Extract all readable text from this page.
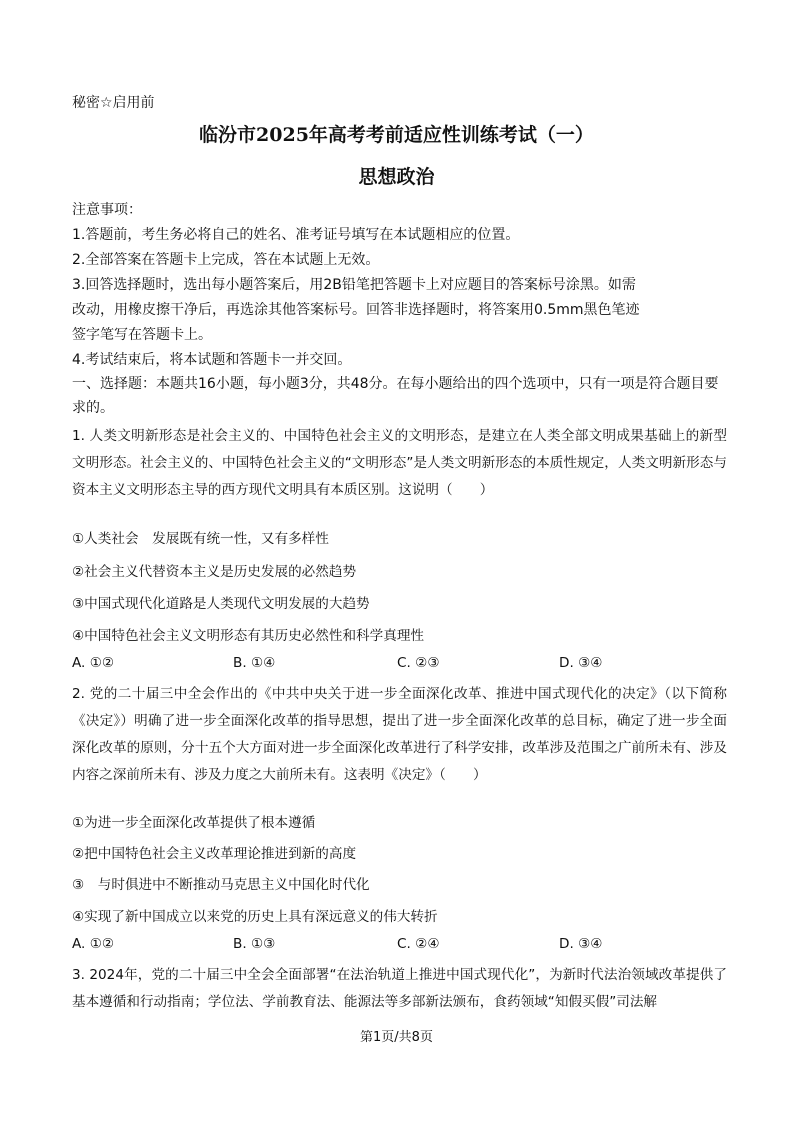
秘密☆启用前
临汾市2025年高考考前适应性训练考试（一）
思想政治
注意事项：
1.答题前，考生务必将自己的姓名、准考证号填写在本试题相应的位置。
2.全部答案在答题卡上完成，答在本试题上无效。
3.回答选择题时，选出每小题答案后，用2B铅笔把答题卡上对应题目的答案标号涂黑。如需
改动，用橡皮擦干净后，再选涂其他答案标号。回答非选择题时，将答案用0.5mm黑色笔迹
签字笔写在答题卡上。
4.考试结束后，将本试题和答题卡一并交回。
一、选择题：本题共16小题，每小题3分，共48分。在每小题给出的四个选项中，只有一项是符合题目要求的。
1. 人类文明新形态是社会主义的、中国特色社会主义的文明形态，是建立在人类全部文明成果基础上的新型文明形态。社会主义的、中国特色社会主义的“文明形态”是人类文明新形态的本质性规定，人类文明新形态与资本主义文明形态主导的西方现代文明具有本质区别。这说明（　　）
①人类社会　发展既有统一性，又有多样性
②社会主义代替资本主义是历史发展的必然趋势
③中国式现代化道路是人类现代文明发展的大趋势
④中国特色社会主义文明形态有其历史必然性和科学真理性
A. ①②	B. ①④	C. ②③	D. ③④
2. 党的二十届三中全会作出的《中共中央关于进一步全面深化改革、推进中国式现代化的决定》（以下简称《决定》）明确了进一步全面深化改革的指导思想，提出了进一步全面深化改革的总目标，确定了进一步全面深化改革的原则，分十五个大方面对进一步全面深化改革进行了科学安排，改革涉及范围之广前所未有、涉及内容之深前所未有、涉及力度之大前所未有。这表明《决定》（　　）
①为进一步全面深化改革提供了根本遵循
②把中国特色社会主义改革理论推进到新的高度
③　与时俱进中不断推动马克思主义中国化时代化
④实现了新中国成立以来党的历史上具有深远意义的伟大转折
A. ①②	B. ①③	C. ②④	D. ③④
3. 2024年，党的二十届三中全会全面部署“在法治轨道上推进中国式现代化”，为新时代法治领域改革提供了基本遵循和行动指南；学位法、学前教育法、能源法等多部新法颁布，食药领域“知假买假”司法解
第1页/共8页
